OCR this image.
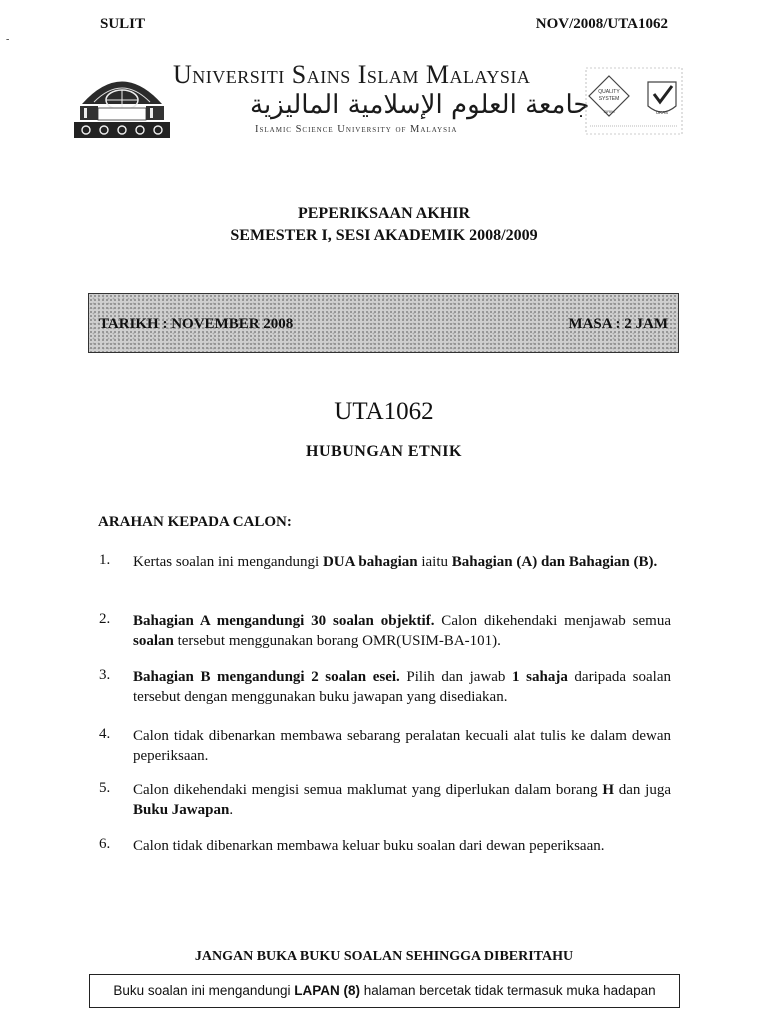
SULIT	NOV/2008/UTA1062
-
Universiti Sains Islam Malaysia
جامعة العلوم الإسلامية الماليزية
Islamic Science University of Malaysia
QUALITY
SYSTEM
SIRIM	UKAS
PEPERIKSAAN AKHIR
SEMESTER I, SESI AKADEMIK 2008/2009
TARIKH : NOVEMBER 2008	MASA : 2 JAM
UTA1062
HUBUNGAN ETNIK
ARAHAN KEPADA CALON:
1. Kertas soalan ini mengandungi DUA bahagian iaitu Bahagian (A) dan Bahagian (B).
2. Bahagian A mengandungi 30 soalan objektif. Calon dikehendaki menjawab semua soalan tersebut menggunakan borang OMR(USIM-BA-101).
3. Bahagian B mengandungi 2 soalan esei. Pilih dan jawab 1 sahaja daripada soalan tersebut dengan menggunakan buku jawapan yang disediakan.
4. Calon tidak dibenarkan membawa sebarang peralatan kecuali alat tulis ke dalam dewan peperiksaan.
5. Calon dikehendaki mengisi semua maklumat yang diperlukan dalam borang H dan juga Buku Jawapan.
6. Calon tidak dibenarkan membawa keluar buku soalan dari dewan peperiksaan.
JANGAN BUKA BUKU SOALAN SEHINGGA DIBERITAHU
Buku soalan ini mengandungi LAPAN (8) halaman bercetak tidak termasuk muka hadapan
